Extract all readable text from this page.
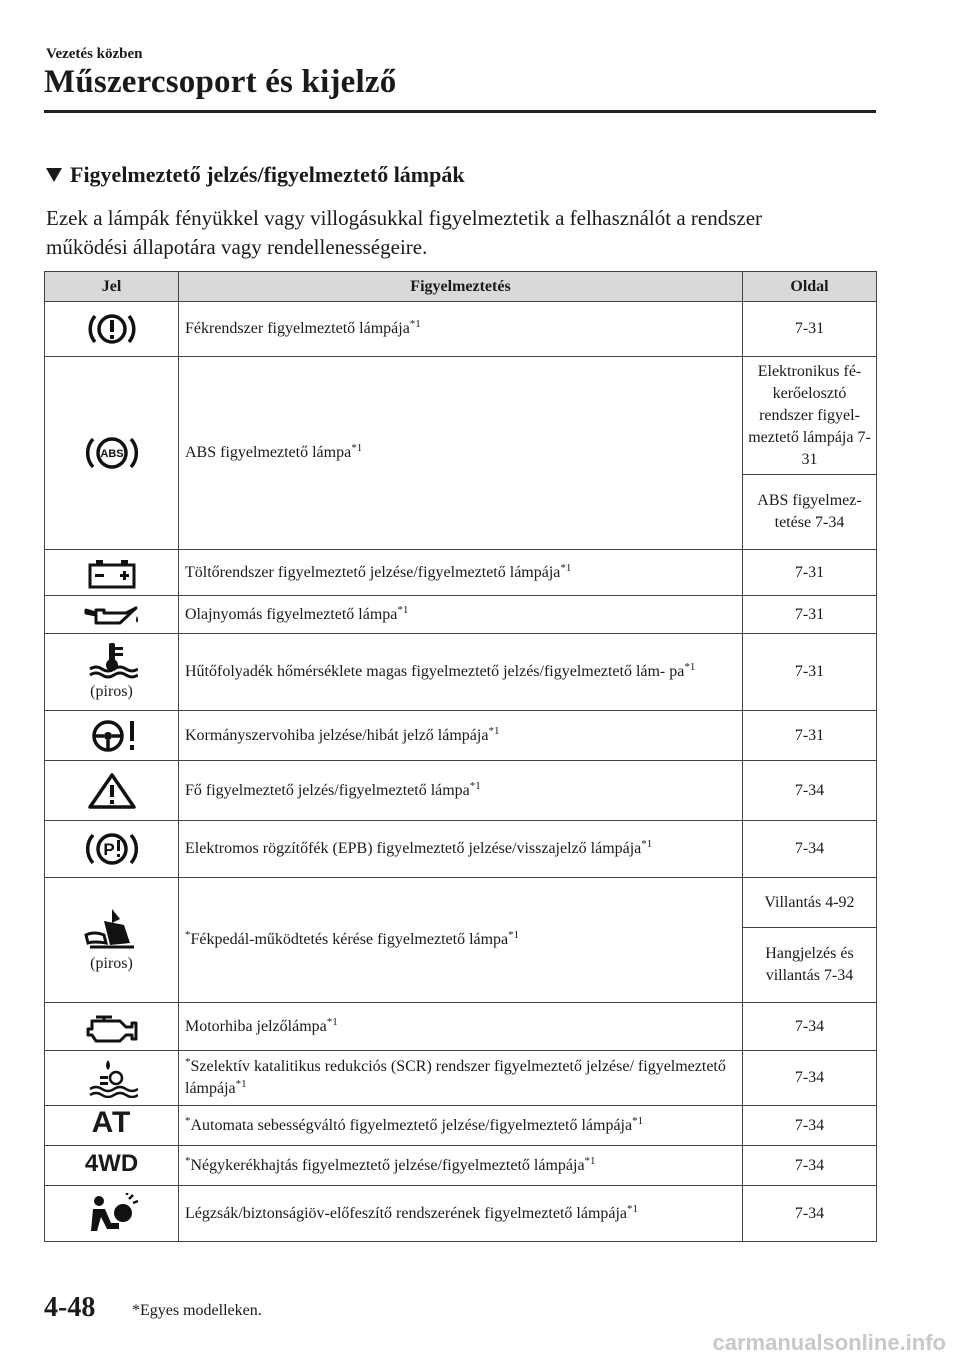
Vezetés közben
Műszercsoport és kijelző
Figyelmeztető jelzés/figyelmeztető lámpák
Ezek a lámpák fényükkel vagy villogásukkal figyelmeztetik a felhasználót a rendszer működési állapotára vagy rendellenességeire.
Jel	Figyelmeztetés	Oldal

	Fékrendszer figyelmeztető lámpája$^{*1}$	7-31

ABS	ABS figyelmeztető lámpa$^{*1}$	Elektronikus fé- kerőelosztó rendszer figyel- meztető lámpája 7-31
		ABS figyelmez- tetése 7-34

	Töltőrendszer figyelmeztető jelzése/figyelmeztető lámpája$^{*1}$	7-31

	Olajnyomás figyelmeztető lámpa$^{*1}$	7-31

(piros)	Hűtőfolyadék hőmérséklete magas figyelmeztető jelzés/figyelmeztető lám- $pa^{*1}$	7-31

	Kormányszervohiba jelzése/hibát jelző lámpája$^{*1}$	7-31

	Fő figyelmeztető jelzés/figyelmeztető lámpa$^{*1}$	7-34

P	Elektromos rögzítőfék (EPB) figyelmeztető jelzése/visszajelző lámpája$^{*1}$	7-34

(piros)	*Fékpedál-működtetés kérése figyelmeztető lámpa$^{*1}$	Villantás 4-92
		Hangjelzés és villantás 7-34

	Motorhiba jelzőlámpa$^{*1}$	7-34

	*Szelektív katalitikus redukciós (SCR) rendszer figyelmeztető jelzése/ figyelmeztető lámpája$^{*1}$	7-34
AT	*Automata sebességváltó figyelmeztető jelzése/figyelmeztető lámpája$^{*1}$	7-34
4WD	*Négykerékhajtás figyelmeztető jelzése/figyelmeztető lámpája$^{*1}$	7-34

	Légzsák/biztonságiöv-előfeszítő rendszerének figyelmeztető lámpája$^{*1}$	7-34
4-48 *Egyes modelleken.
carmanualsonline.info
